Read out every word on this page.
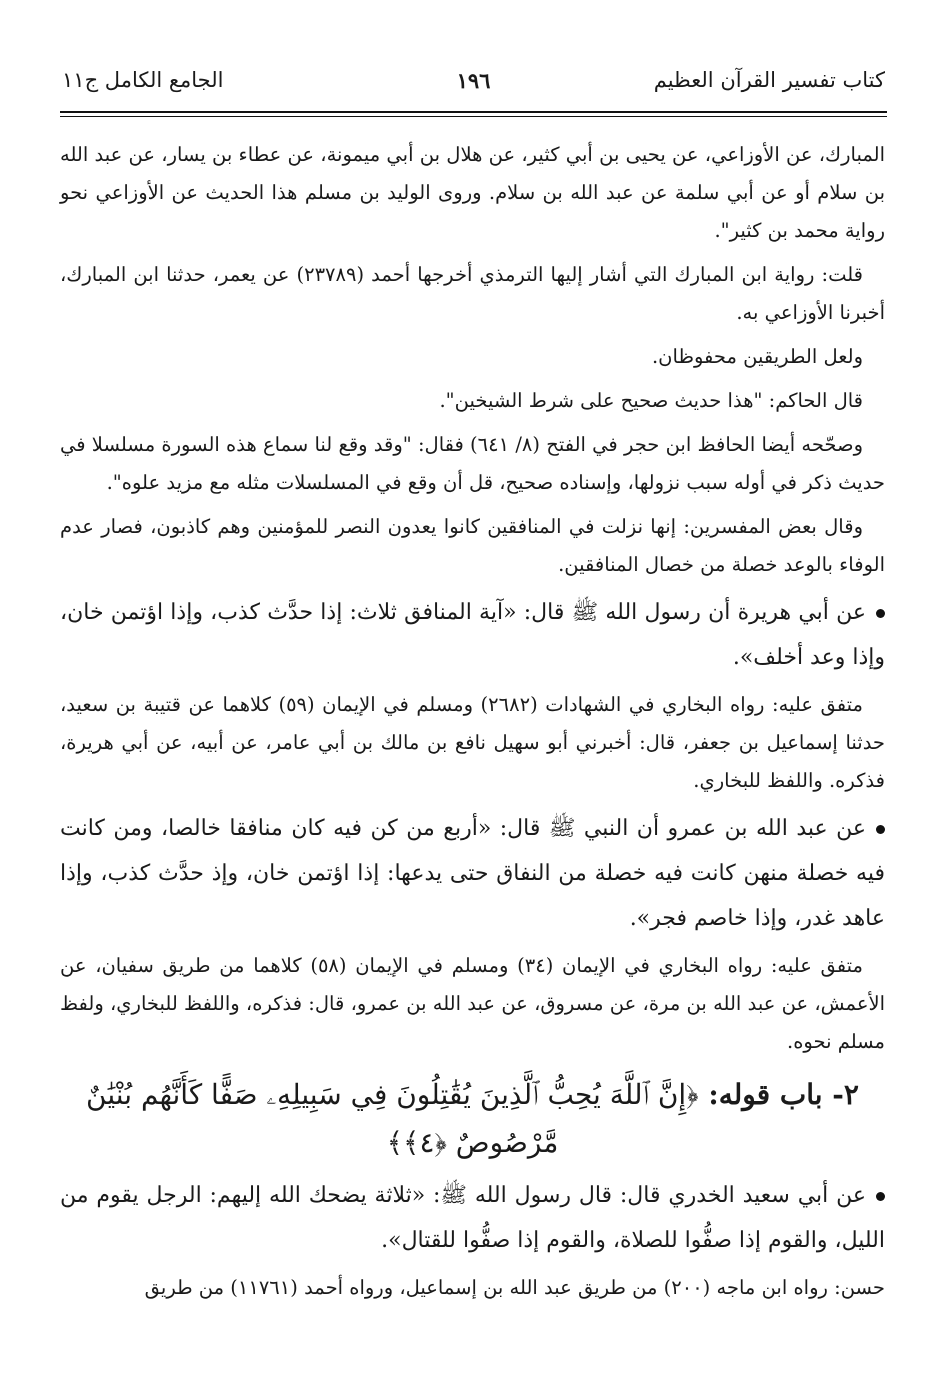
كتاب تفسير القرآن العظيم
١٩٦
الجامع الكامل ج١١

المبارك، عن الأوزاعي، عن يحيى بن أبي كثير، عن هلال بن أبي ميمونة، عن عطاء بن يسار، عن عبد الله بن سلام أو عن أبي سلمة عن عبد الله بن سلام. وروى الوليد بن مسلم هذا الحديث عن الأوزاعي نحو رواية محمد بن كثير".

قلت: رواية ابن المبارك التي أشار إليها الترمذي أخرجها أحمد (٢٣٧٨٩) عن يعمر، حدثنا ابن المبارك، أخبرنا الأوزاعي به.

ولعل الطريقين محفوظان.

قال الحاكم: "هذا حديث صحيح على شرط الشيخين".

وصحّحه أيضا الحافظ ابن حجر في الفتح (٨/ ٦٤١) فقال: "وقد وقع لنا سماع هذه السورة مسلسلا في حديث ذكر في أوله سبب نزولها، وإسناده صحيح، قل أن وقع في المسلسلات مثله مع مزيد علوه".

وقال بعض المفسرين: إنها نزلت في المنافقين كانوا يعدون النصر للمؤمنين وهم كاذبون، فصار عدم الوفاء بالوعد خصلة من خصال المنافقين.

عن أبي هريرة أن رسول الله ﷺ قال: «آية المنافق ثلاث: إذا حدَّث كذب، وإذا اؤتمن خان، وإذا وعد أخلف».

متفق عليه: رواه البخاري في الشهادات (٢٦٨٢) ومسلم في الإيمان (٥٩) كلاهما عن قتيبة بن سعيد، حدثنا إسماعيل بن جعفر، قال: أخبرني أبو سهيل نافع بن مالك بن أبي عامر، عن أبيه، عن أبي هريرة، فذكره. واللفظ للبخاري.

عن عبد الله بن عمرو أن النبي ﷺ قال: «أربع من كن فيه كان منافقا خالصا، ومن كانت فيه خصلة منهن كانت فيه خصلة من النفاق حتى يدعها: إذا اؤتمن خان، وإذ حدَّث كذب، وإذا عاهد غدر، وإذا خاصم فجر».

متفق عليه: رواه البخاري في الإيمان (٣٤) ومسلم في الإيمان (٥٨) كلاهما من طريق سفيان، عن الأعمش، عن عبد الله بن مرة، عن مسروق، عن عبد الله بن عمرو، قال: فذكره، واللفظ للبخاري، ولفظ مسلم نحوه.

٢- باب قوله: ﴿إِنَّ ٱللَّهَ يُحِبُّ ٱلَّذِينَ يُقَٰتِلُونَ فِي سَبِيلِهِۦ صَفًّا كَأَنَّهُم بُنْيَٰنٌ مَّرْصُوصٌ ﴿٤﴾﴾

عن أبي سعيد الخدري قال: قال رسول الله ﷺ: «ثلاثة يضحك الله إليهم: الرجل يقوم من الليل، والقوم إذا صفُّوا للصلاة، والقوم إذا صفُّوا للقتال».

حسن: رواه ابن ماجه (٢٠٠) من طريق عبد الله بن إسماعيل، ورواه أحمد (١١٧٦١) من طريق
